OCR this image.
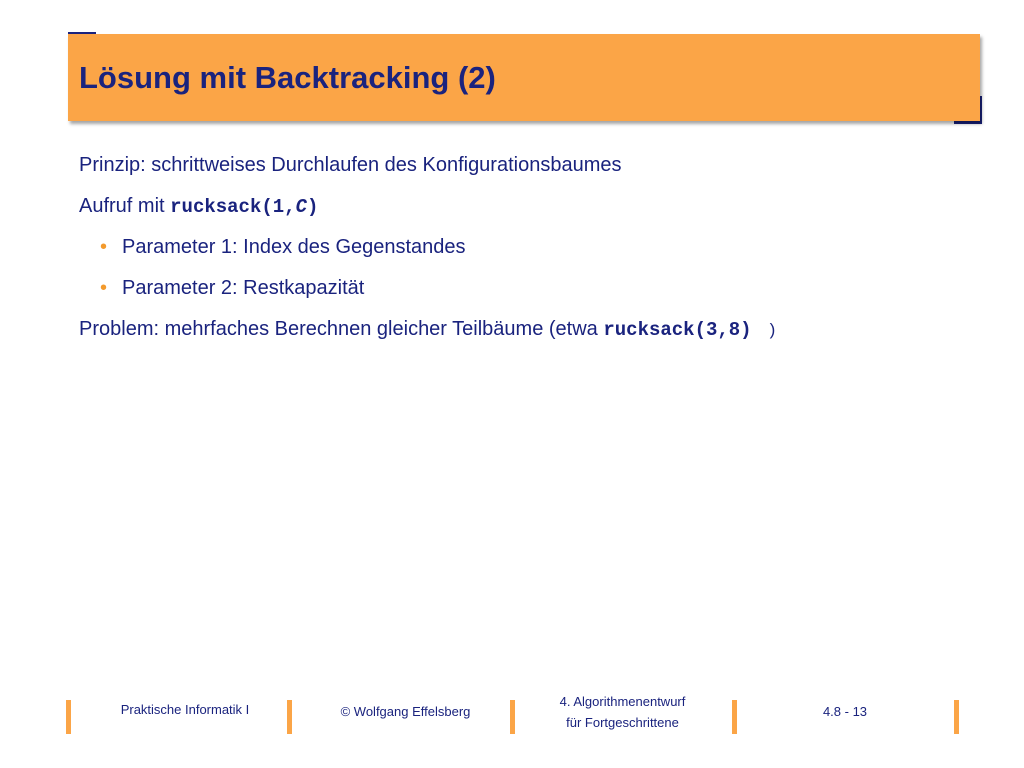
Lösung mit Backtracking (2)
Prinzip: schrittweises Durchlaufen des Konfigurationsbaumes
Aufruf mit rucksack(1,C)
• Parameter 1: Index des Gegenstandes
• Parameter 2: Restkapazität
Problem: mehrfaches Berechnen gleicher Teilbäume (etwa rucksack(3,8) )
Praktische Informatik I	© Wolfgang Effelsberg
4. Algorithmenentwurf
für Fortgeschrittene
4.8 - 13
